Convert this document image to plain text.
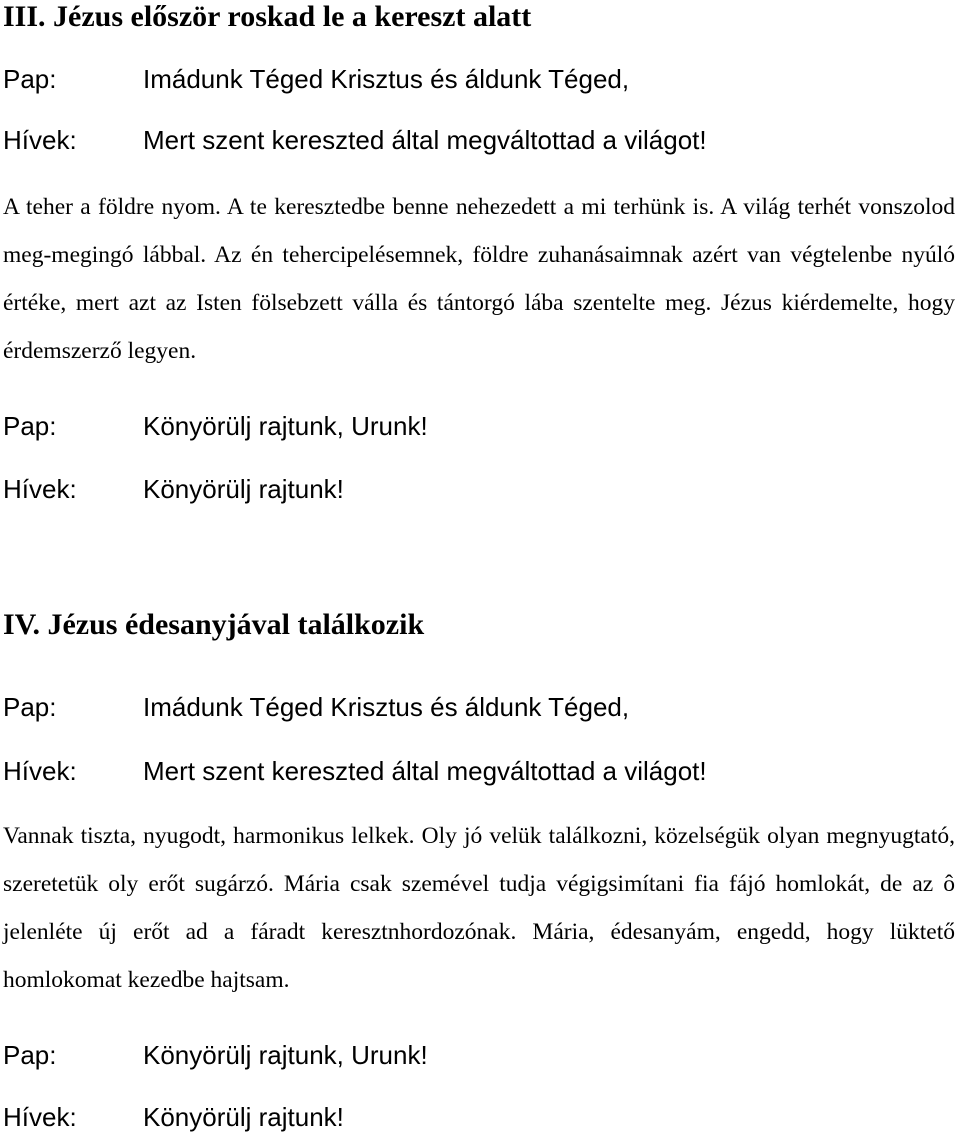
III. Jézus először roskad le a kereszt alatt
Pap:	Imádunk Téged Krisztus és áldunk Téged,
Hívek:	Mert szent kereszted által megváltottad a világot!

A teher a földre nyom. A te keresztedbe benne nehezedett a mi terhünk is. A világ terhét vonszolod meg-megingó lábbal. Az én tehercipelésemnek, földre zuhanásaimnak azért van végtelenbe nyúló értéke, mert azt az Isten fölsebzett válla és tántorgó lába szentelte meg. Jézus kiérdemelte, hogy érdemszerző legyen.

Pap:	Könyörülj rajtunk, Urunk!
Hívek:	Könyörülj rajtunk!
IV. Jézus édesanyjával találkozik
Pap:	Imádunk Téged Krisztus és áldunk Téged,
Hívek:	Mert szent kereszted által megváltottad a világot!

Vannak tiszta, nyugodt, harmonikus lelkek. Oly jó velük találkozni, közelségük olyan megnyugtató, szeretetük oly erőt sugárzó. Mária csak szemével tudja végigsimítani fia fájó homlokát, de az ô jelenléte új erőt ad a fáradt keresztnhordozónak. Mária, édesanyám, engedd, hogy lüktető homlokomat kezedbe hajtsam.

Pap:	Könyörülj rajtunk, Urunk!
Hívek:	Könyörülj rajtunk!
